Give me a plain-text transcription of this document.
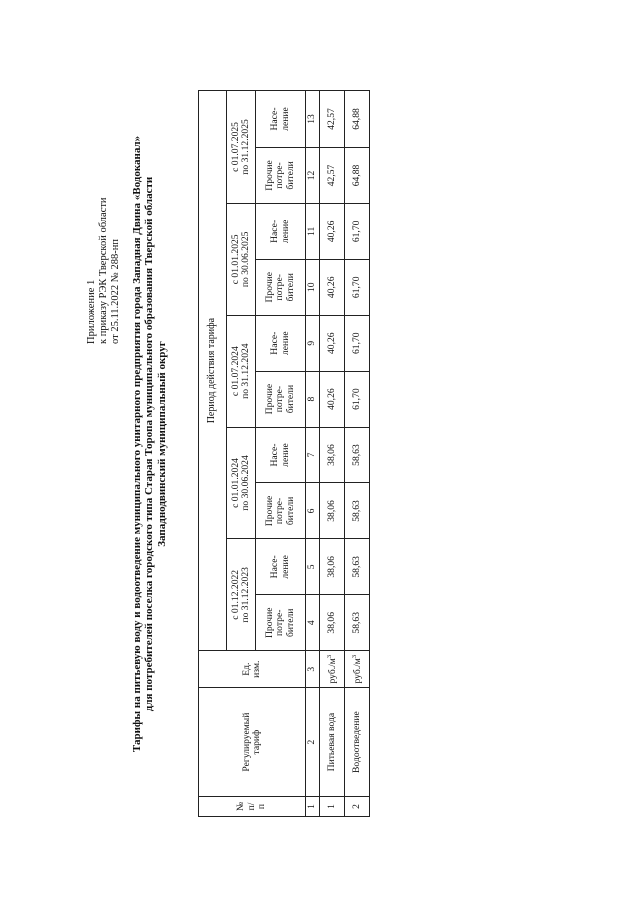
Приложение 1 к приказу РЭК Тверской области от 25.11.2022 № 288-нп Тарифы на питьевую воду и водоотведение муниципального унитарного предприятия города Западная Двина «Водоканал» для потребителей поселка городского типа Старая Торопа муниципального образования Тверской области Западнодвинский муниципальный округ
№ п/ п	Регулируемый тариф	Ед. изм.	Период действия тарифа									

			с 01.12.2022 по 31.12.2023		с 01.01.2024 по 30.06.2024		с 01.07.2024 по 31.12.2024		с 01.01.2025 по 30.06.2025		с 01.07.2025 по 31.12.2025	

			Прочие потре- бители	Насе- ление	Прочие потре- бители	Насе- ление	Прочие потре- бители	Насе- ление	Прочие потре- бители	Насе- ление	Прочие потре- бители	Насе- ление

1	2	3	4	5	6	7	8	9	10	11	12	13
1	Питьевая вода	$руб./м^3$	38,06	38,06	38,06	38,06	40,26	40,26	40,26	40,26	42,57	42,57
2	Водоотведение	$руб./м^3$	58,63	58,63	58,63	58,63	61,70	61,70	61,70	61,70	64,88	64,88
